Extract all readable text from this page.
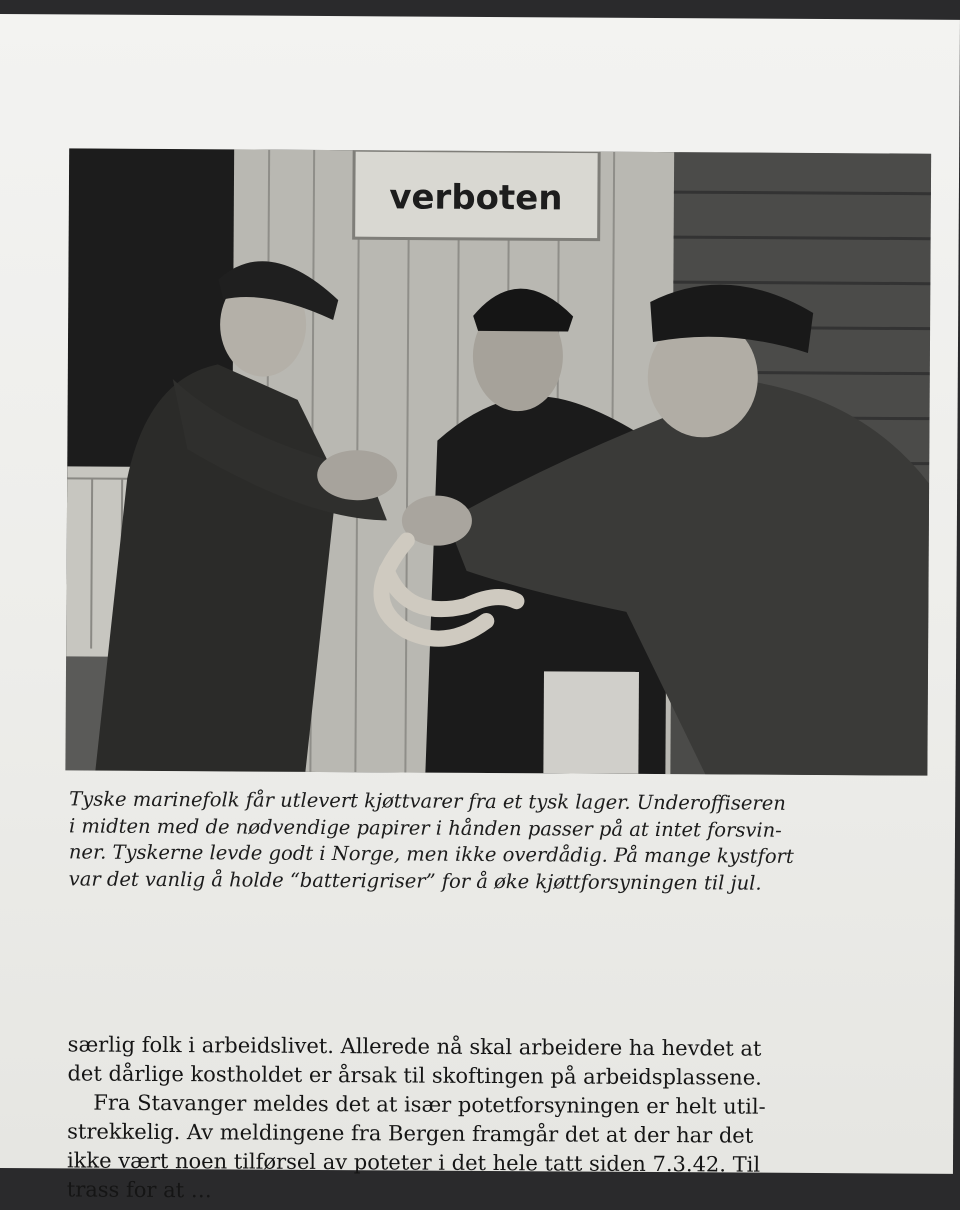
verboten
Tyske marinefolk får utlevert kjøttvarer fra et tysk lager. Underoffiseren
i midten med de nødvendige papirer i hånden passer på at intet forsvin-
ner. Tyskerne levde godt i Norge, men ikke overdådig. På mange kystfort
var det vanlig å holde “batterigriser” for å øke kjøttforsyningen til jul.
​
​
særlig folk i arbeidslivet. Allerede nå skal arbeidere ha hevdet at
det dårlige kostholdet er årsak til skoftingen på arbeidsplassene.
Fra Stavanger meldes det at især potetforsyningen er helt util-
strekkelig. Av meldingene fra Bergen framgår det at der har det
ikke vært noen tilførsel av poteter i det hele tatt siden 7.3.42. Til
trass for at …
